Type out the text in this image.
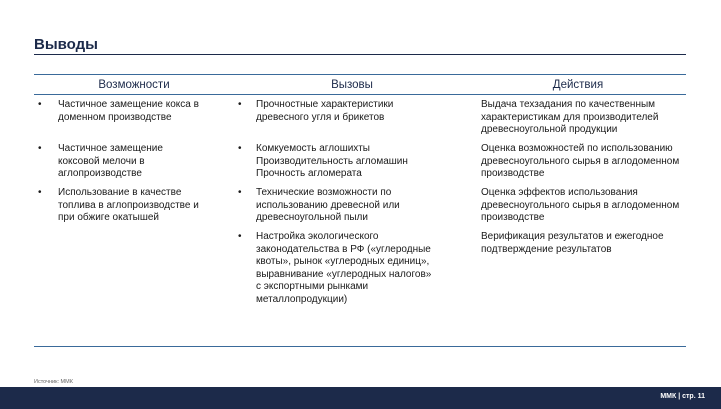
Выводы
Возможности	Вызовы	Действия
• Частичное замещение кокса в доменном производстве
• Частичное замещение коксовой мелочи в аглопроизводстве
• Использование в качестве топлива в аглопроизводстве и при обжиге окатышей
• Прочностные характеристики древесного угля и брикетов
• Комкуемость аглошихты
Производительность агломашин
Прочность агломерата
• Технические возможности по использованию древесной или древесноугольной пыли
• Настройка экологического законодательства в РФ («углеродные квоты», рынок «углеродных единиц», выравнивание «углеродных налогов» с экспортными рынками металлопродукции)
Выдача техзадания по качественным характеристикам для производителей древесноугольной продукции
Оценка возможностей по использованию древесноугольного сырья в аглодоменном производстве
Оценка эффектов использования древесноугольного сырья в аглодоменном производстве
Верификация результатов и ежегодное подтверждение результатов
Источник: ММК
ММК | стр. 11
